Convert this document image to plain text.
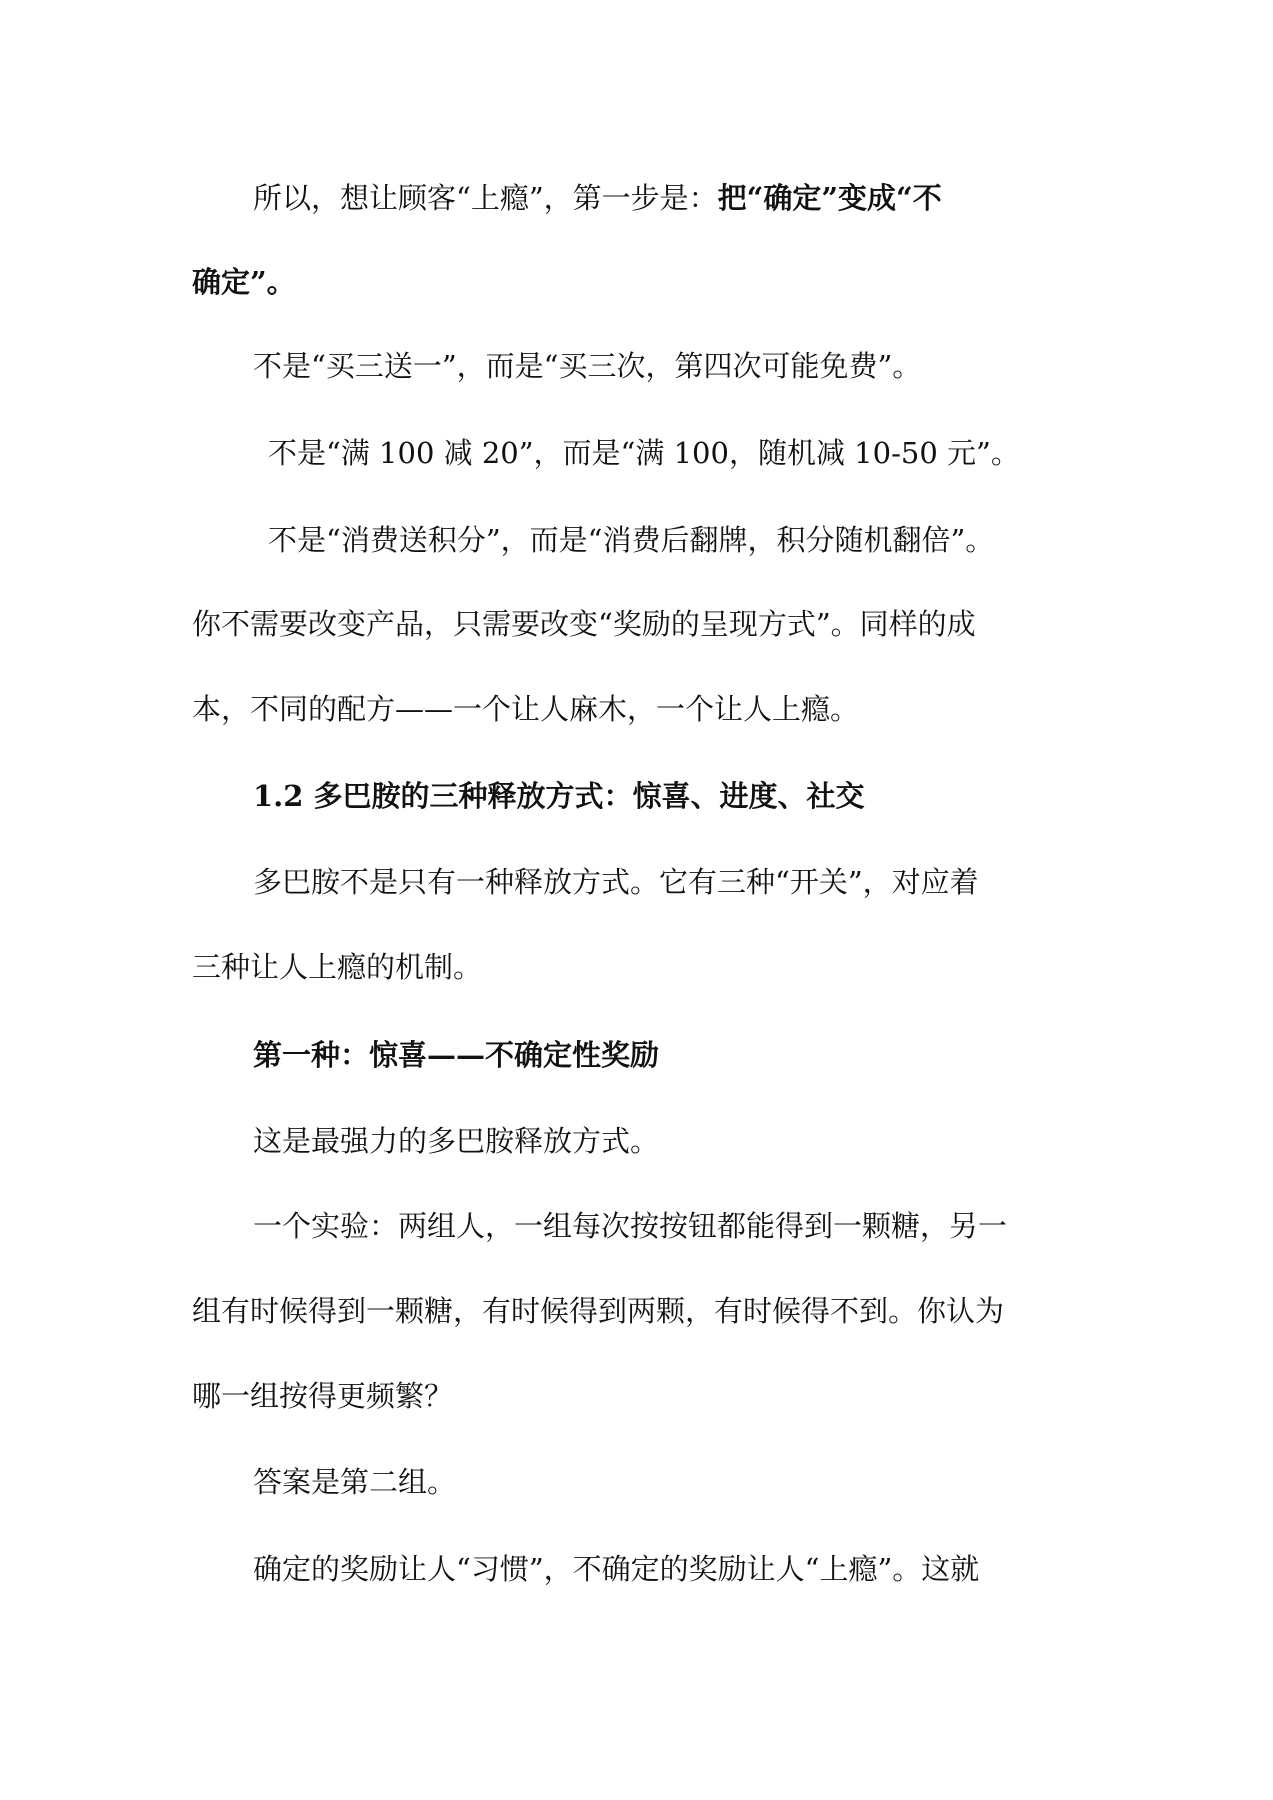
所以，想让顾客“上瘾”，第一步是：把“确定”变成“不
确定”。
不是“买三送一”，而是“买三次，第四次可能免费”。
不是“满 100 减 20”，而是“满 100，随机减 10-50 元”。
不是“消费送积分”，而是“消费后翻牌，积分随机翻倍”。
你不需要改变产品，只需要改变“奖励的呈现方式”。同样的成
本，不同的配方——一个让人麻木，一个让人上瘾。
1.2 多巴胺的三种释放方式：惊喜、进度、社交
多巴胺不是只有一种释放方式。它有三种“开关”，对应着
三种让人上瘾的机制。
第一种：惊喜——不确定性奖励
这是最强力的多巴胺释放方式。
一个实验：两组人，一组每次按按钮都能得到一颗糖，另一
组有时候得到一颗糖，有时候得到两颗，有时候得不到。你认为
哪一组按得更频繁？
答案是第二组。
确定的奖励让人“习惯”，不确定的奖励让人“上瘾”。这就
